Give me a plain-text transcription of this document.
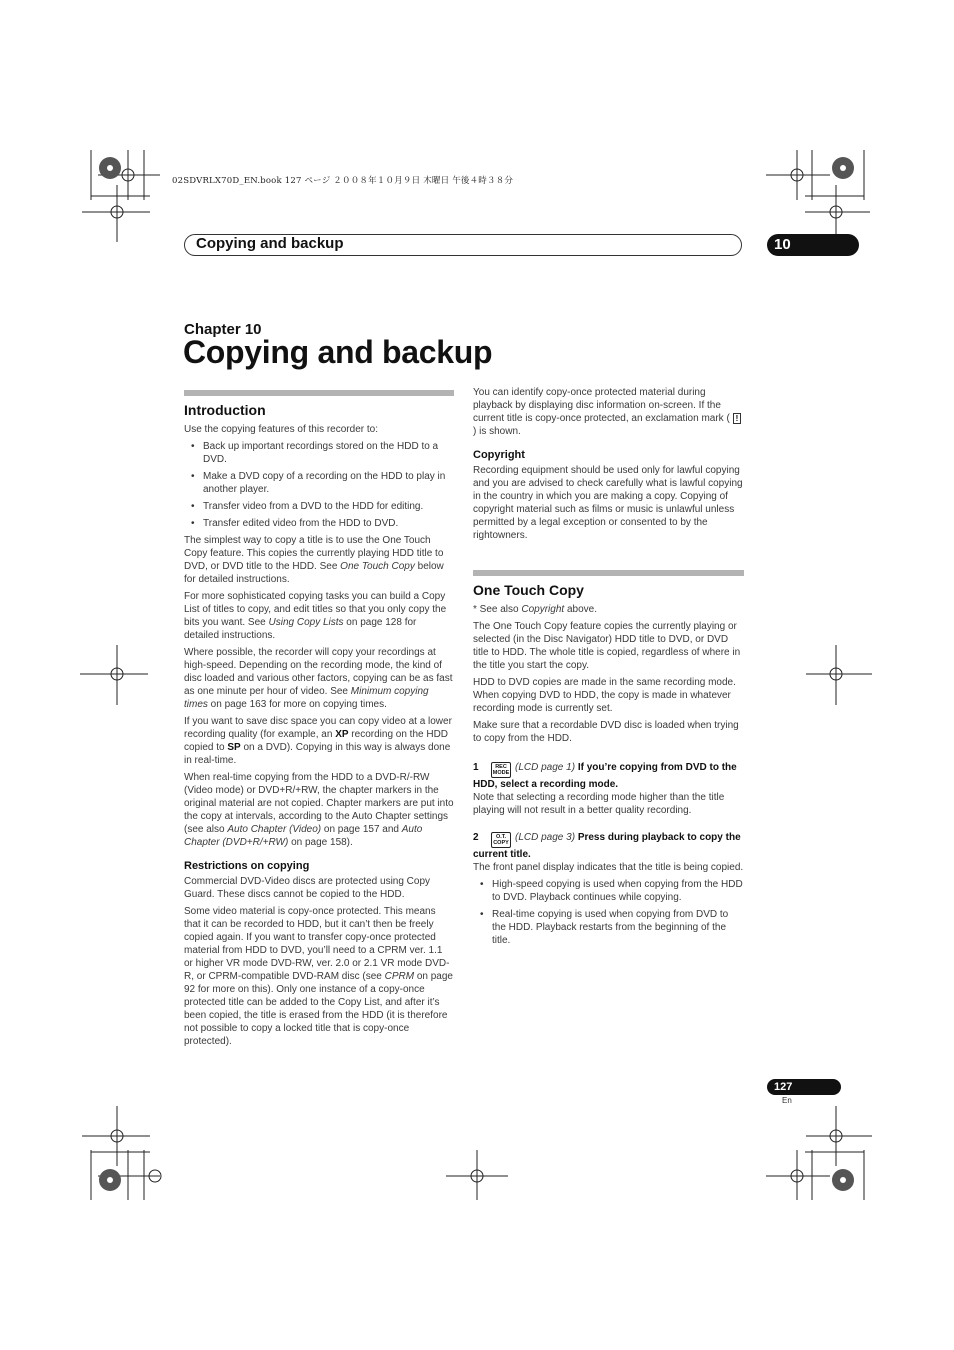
02SDVRLX70D_EN.book 127 ページ ２００８年１０月９日 木曜日 午後４時３８分
Copying and backup	10
Chapter 10
Copying and backup
Introduction

Use the copying features of this recorder to:

• Back up important recordings stored on the HDD to a DVD.
• Make a DVD copy of a recording on the HDD to play in another player.
• Transfer video from a DVD to the HDD for editing.
• Transfer edited video from the HDD to DVD.

The simplest way to copy a title is to use the One Touch Copy feature. This copies the currently playing HDD title to DVD, or DVD title to the HDD. See One Touch Copy below for detailed instructions.

For more sophisticated copying tasks you can build a Copy List of titles to copy, and edit titles so that you only copy the bits you want. See Using Copy Lists on page 128 for detailed instructions.

Where possible, the recorder will copy your recordings at high-speed. Depending on the recording mode, the kind of disc loaded and various other factors, copying can be as fast as one minute per hour of video. See Minimum copying times on page 163 for more on copying times.

If you want to save disc space you can copy video at a lower recording quality (for example, an XP recording on the HDD copied to SP on a DVD). Copying in this way is always done in real-time.

When real-time copying from the HDD to a DVD-R/-RW (Video mode) or DVD+R/+RW, the chapter markers in the original material are not copied. Chapter markers are put into the copy at intervals, according to the Auto Chapter settings (see also Auto Chapter (Video) on page 157 and Auto Chapter (DVD+R/+RW) on page 158).

Restrictions on copying

Commercial DVD-Video discs are protected using Copy Guard. These discs cannot be copied to the HDD.

Some video material is copy-once protected. This means that it can be recorded to HDD, but it can’t then be freely copied again. If you want to transfer copy-once protected material from HDD to DVD, you’ll need to a CPRM ver. 1.1 or higher VR mode DVD-RW, ver. 2.0 or 2.1 VR mode DVD-R, or CPRM-compatible DVD-RAM disc (see CPRM on page 92 for more on this). Only one instance of a copy-once protected title can be added to the Copy List, and after it’s been copied, the title is erased from the HDD (it is therefore not possible to copy a locked title that is copy-once protected).

You can identify copy-once protected material during playback by displaying disc information on-screen. If the current title is copy-once protected, an exclamation mark ( ! ) is shown.

Copyright

Recording equipment should be used only for lawful copying and you are advised to check carefully what is lawful copying in the country in which you are making a copy. Copying of copyright material such as films or music is unlawful unless permitted by a legal exception or consented to by the rightowners.

One Touch Copy

* See also Copyright above.

The One Touch Copy feature copies the currently playing or selected (in the Disc Navigator) HDD title to DVD, or DVD title to HDD. The whole title is copied, regardless of where in the title you start the copy.

HDD to DVD copies are made in the same recording mode. When copying DVD to HDD, the copy is made in whatever recording mode is currently set.

Make sure that a recordable DVD disc is loaded when trying to copy from the HDD.

1	REC
MODE (LCD page 1) If you’re copying from DVD to the HDD, select a recording mode.

Note that selecting a recording mode higher than the title playing will not result in a better quality recording.

2	O.T.
COPY (LCD page 3) Press during playback to copy the current title.

The front panel display indicates that the title is being copied.

• High-speed copying is used when copying from the HDD to DVD. Playback continues while copying.
• Real-time copying is used when copying from DVD to the HDD. Playback restarts from the beginning of the title.
127
En
